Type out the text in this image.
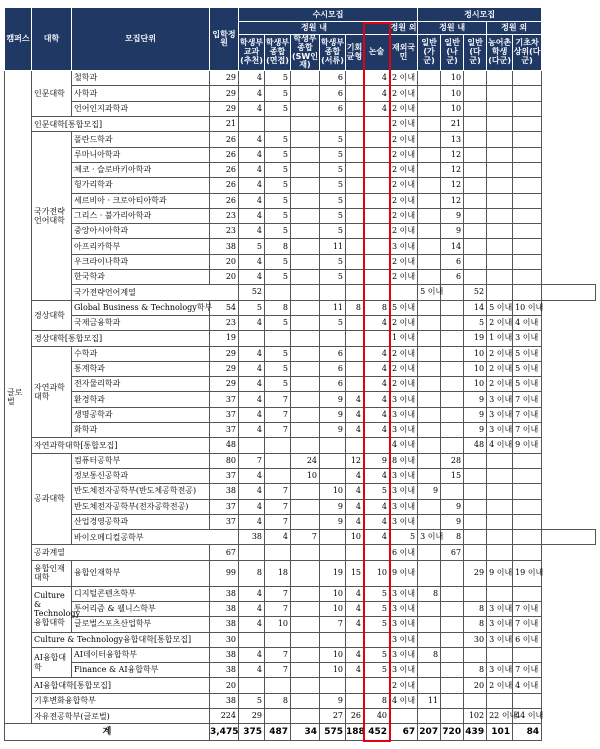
캠퍼스	대학	모집단위	입학정원	수시모집							정시모집					
				정원 내						정원 외	정원 내			정원 외		
				학생부교과(추천)	학생부종합(면접)	학생부종합(SW인재)	학생부종합(서류)	기회균형	논술	재외국민	일반(가군)	일반(나군)	일반(다군)	농어촌학생(다군)	기초차상위(다군)	
글로벌	인문대학	철학과	29	4	5		6		4	2 이내		10				
		사학과	29	4	5		6		4	2 이내		10				
		언어인지과학과	29	4	5		6		4	2 이내		10				
	인문대학[통합모집]		21							2 이내		21				
	국가전략언어대학	폴란드학과	26	4	5		5			2 이내		13				
		루마니아학과	26	4	5		5			2 이내		12				
		체코 · 슬로바키아학과	26	4	5		5			2 이내		12				
		헝가리학과	26	4	5		5			2 이내		12				
		세르비아 · 크로아티아학과	26	4	5		5			2 이내		12				
		그리스 · 불가리아학과	23	4	5		5			2 이내		9				
		중앙아시아학과	23	4	5		5			2 이내		9				
		아프리카학부	38	5	8		11			3 이내		14				
		우크라이나학과	20	4	5		5			2 이내		6				
		한국학과	20	4	5		5			2 이내		6				
		국가전략언어계열		52							5 이내		52			
	경상대학	Global Business & Technology학부	54	5	8		11	8	8	5 이내			14	5 이내	10 이내	
		국제금융학과	23	4	5		5		4	2 이내			5	2 이내	4 이내	
	경상대학[통합모집]		19							1 이내			19	1 이내	3 이내	
	자연과학대학	수학과	29	4	5		6		4	2 이내			10	2 이내	5 이내	
		통계학과	29	4	5		6		4	2 이내			10	2 이내	5 이내	
		전자물리학과	29	4	5		6		4	2 이내			10	2 이내	5 이내	
		환경학과	37	4	7		9	4	4	3 이내			9	3 이내	7 이내	
		생명공학과	37	4	7		9	4	4	3 이내			9	3 이내	7 이내	
		화학과	37	4	7		9	4	4	3 이내			9	3 이내	7 이내	
	자연과학대학[통합모집]		48							4 이내			48	4 이내	9 이내	
	공과대학	컴퓨터공학부	80	7		24		12	9	8 이내		28				
		정보통신공학과	37	4		10		4	4	3 이내		15				
		반도체전자공학부(반도체공학전공)	38	4	7		10	4	5	3 이내	9					
		반도체전자공학부(전자공학전공)	37	4	7		9	4	4	3 이내		9				
		산업경영공학과	37	4	7		9	4	4	3 이내		9				
		바이오메디컬공학부		38	4	7		10	4	5	3 이내	8				
	공과계열		67							6 이내		67				
	융합인재대학	융합인재학부	99	8	18		19	15	10	9 이내			29	9 이내	19 이내	
	Culture & Technology융합대학	디지털콘텐츠학부	38	4	7		10	4	5	3 이내	8					
		투어리즘 & 웰니스학부	38	4	7		10	4	5	3 이내			8	3 이내	7 이내	
		글로벌스포츠산업학부	38	4	10		7	4	5	3 이내			8	3 이내	7 이내	
	Culture & Technology융합대학[통합모집]		30							3 이내			30	3 이내	6 이내	
	AI융합대학	AI데이터융합학부	38	4	7		10	4	5	3 이내	8					
		Finance & AI융합학부	38	4	7		10	4	5	3 이내			8	3 이내	7 이내	
	AI융합대학[통합모집]		20							2 이내			20	2 이내	4 이내	
	기후변화융합학부		38	5	8		9		8	4 이내	11					
	자유전공학부(글로벌)		224	29			27	26	40				102	22 이내	44 이내	
계			3,475	375	487	34	575	188	452	67	207	720	439	101	84	
